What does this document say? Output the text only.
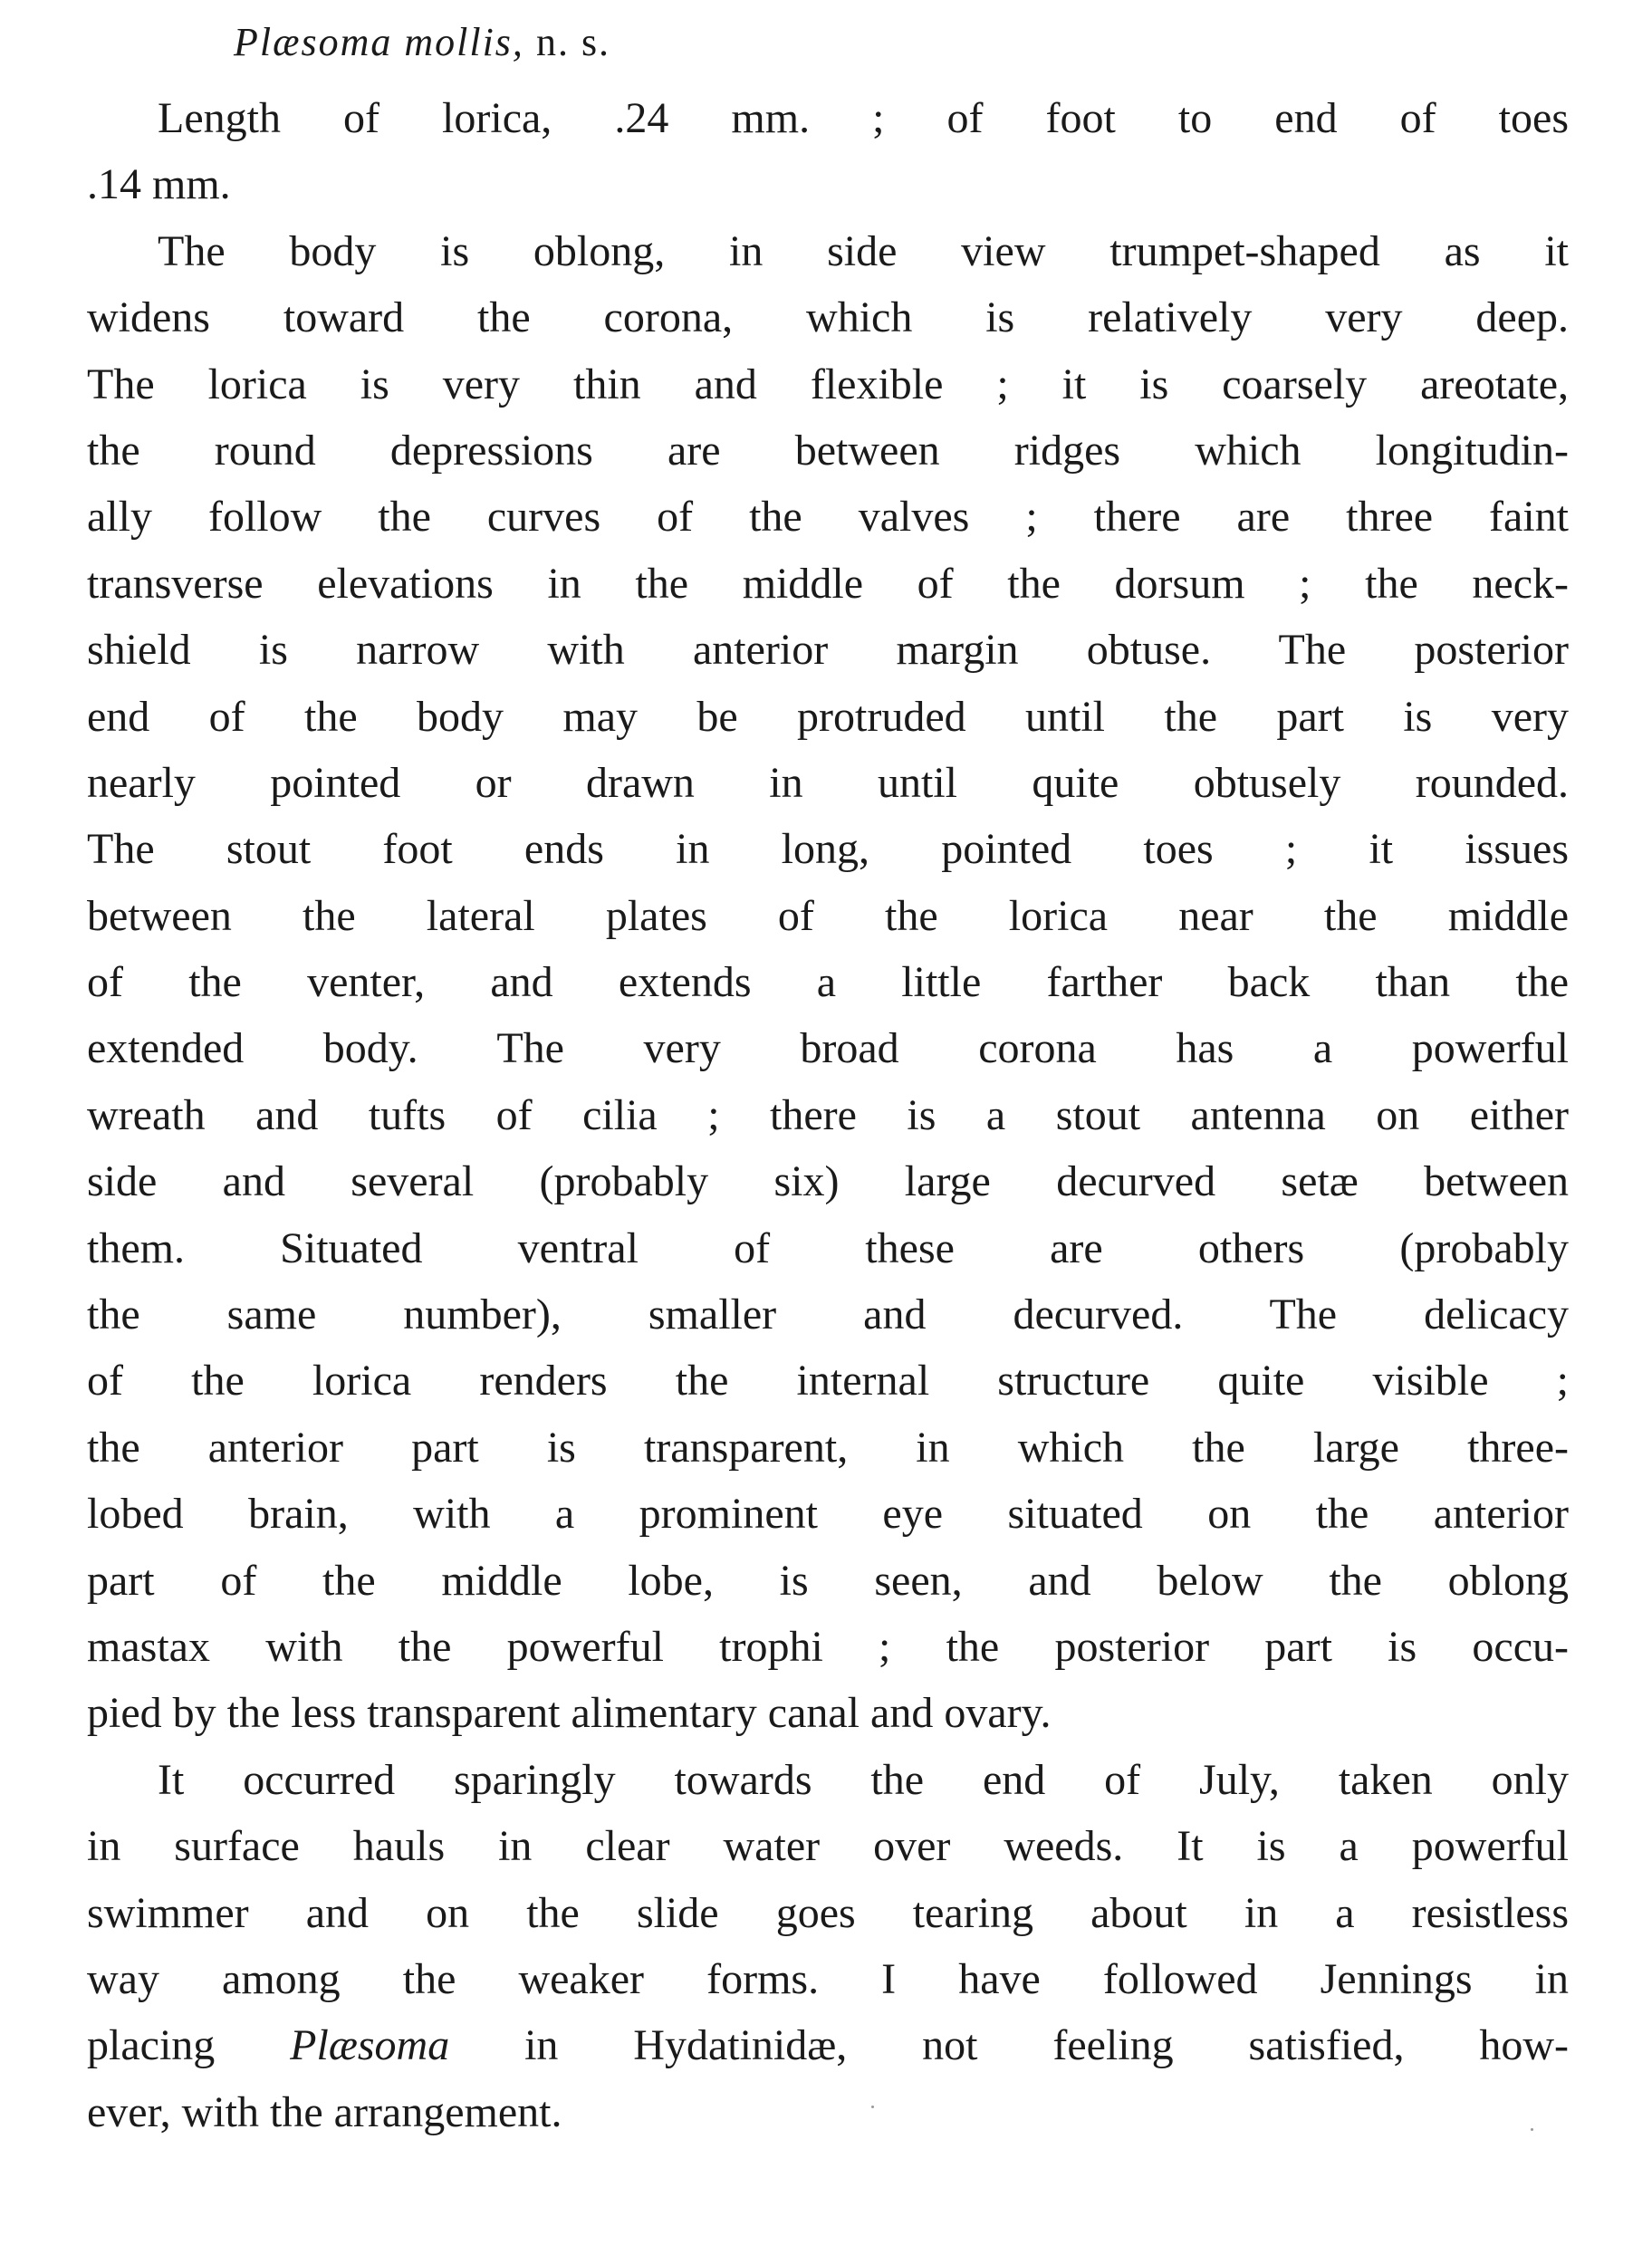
Plæsoma mollis, n. s.
Length of lorica, .24 mm. ; of foot to end of toes
.14 mm.
The body is oblong, in side view trumpet-shaped as it
widens toward the corona, which is relatively very deep.
The lorica is very thin and flexible ; it is coarsely areotate,
the round depressions are between ridges which longitudin-
ally follow the curves of the valves ; there are three faint
transverse elevations in the middle of the dorsum ; the neck-
shield is narrow with anterior margin obtuse. The posterior
end of the body may be protruded until the part is very
nearly pointed or drawn in until quite obtusely rounded.
The stout foot ends in long, pointed toes ; it issues
between the lateral plates of the lorica near the middle
of the venter, and extends a little farther back than the
extended body. The very broad corona has a powerful
wreath and tufts of cilia ; there is a stout antenna on either
side and several (probably six) large decurved setæ between
them. Situated ventral of these are others (probably
the same number), smaller and decurved. The delicacy
of the lorica renders the internal structure quite visible ;
the anterior part is transparent, in which the large three-
lobed brain, with a prominent eye situated on the anterior
part of the middle lobe, is seen, and below the oblong
mastax with the powerful trophi ; the posterior part is occu-
pied by the less transparent alimentary canal and ovary.
It occurred sparingly towards the end of July, taken only
in surface hauls in clear water over weeds. It is a powerful
swimmer and on the slide goes tearing about in a resistless
way among the weaker forms. I have followed Jennings in
placing Plæsoma in Hydatinidæ, not feeling satisfied, how-
ever, with the arrangement.
